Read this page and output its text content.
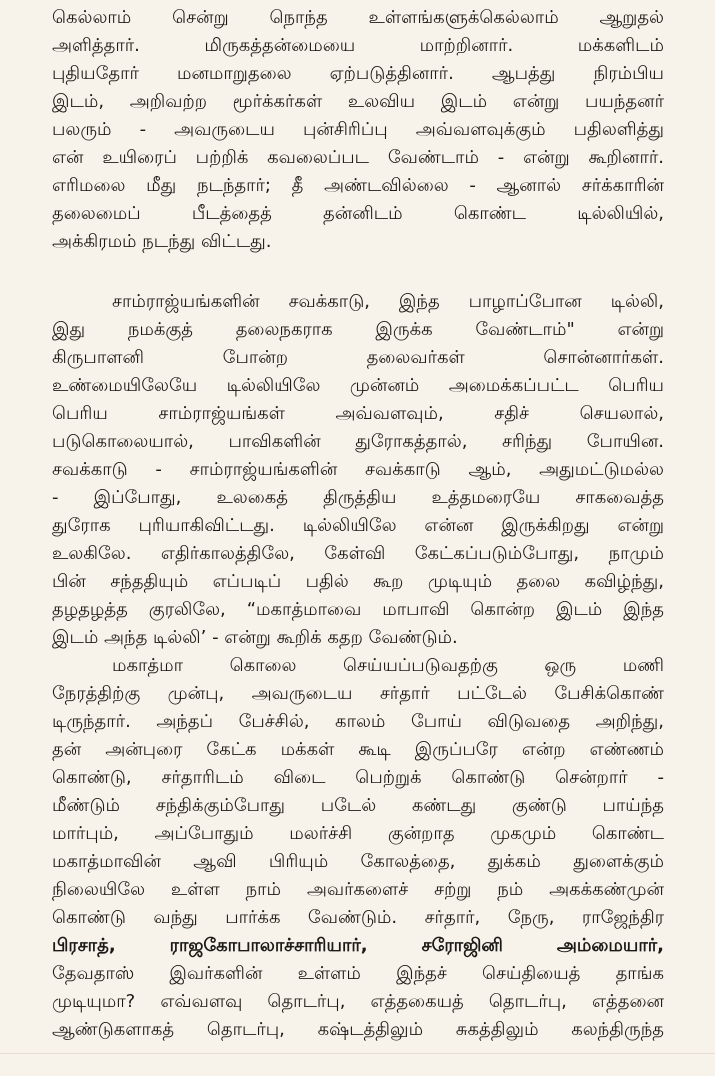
கெல்லாம் சென்று நொந்த உள்ளங்களுக்கெல்லாம் ஆறுதல்
அளித்தார். மிருகத்தன்மையை மாற்றினார். மக்களிடம்
புதியதோர் மனமாறுதலை ஏற்படுத்தினார். ஆபத்து நிரம்பிய
இடம், அறிவற்ற மூர்க்கர்கள் உலவிய இடம் என்று பயந்தனர்
பலரும் - அவருடைய புன்சிரிப்பு அவ்வளவுக்கும் பதிலளித்து
என் உயிரைப் பற்றிக் கவலைப்பட வேண்டாம் - என்று கூறினார்.
எரிமலை மீது நடந்தார்; தீ அண்டவில்லை - ஆனால் சர்க்காரின்
தலைமைப் பீடத்தைத் தன்னிடம் கொண்ட டில்லியில்,
அக்கிரமம் நடந்து விட்டது.
சாம்ராஜ்யங்களின் சவக்காடு, இந்த பாழாப்போன டில்லி,
இது நமக்குத் தலைநகராக இருக்க வேண்டாம்" என்று
கிருபாளனி போன்ற தலைவர்கள் சொன்னார்கள்.
உண்மையிலேயே டில்லியிலே முன்னம் அமைக்கப்பட்ட பெரிய
பெரிய சாம்ராஜ்யங்கள் அவ்வளவும், சதிச் செயலால்,
படுகொலையால், பாவிகளின் துரோகத்தால், சரிந்து போயின.
சவக்காடு - சாம்ராஜ்யங்களின் சவக்காடு ஆம், அதுமட்டுமல்ல
- இப்போது, உலகைத் திருத்திய உத்தமரையே சாகவைத்த
துரோக புரியாகிவிட்டது. டில்லியிலே என்ன இருக்கிறது என்று
உலகிலே. எதிர்காலத்திலே, கேள்வி கேட்கப்படும்போது, நாமும்
பின் சந்ததியும் எப்படிப் பதில் கூற முடியும் தலை கவிழ்ந்து,
தழதழத்த குரலிலே, “மகாத்மாவை மாபாவி கொன்ற இடம் இந்த
இடம் அந்த டில்லி’ - என்று கூறிக் கதற வேண்டும்.
மகாத்மா கொலை செய்யப்படுவதற்கு ஒரு மணி
நேரத்திற்கு முன்பு, அவருடைய சர்தார் பட்டேல் பேசிக்கொண்
டிருந்தார். அந்தப் பேச்சில், காலம் போய் விடுவதை அறிந்து,
தன் அன்புரை கேட்க மக்கள் கூடி இருப்பரே என்ற எண்ணம்
கொண்டு, சர்தாரிடம் விடை பெற்றுக் கொண்டு சென்றார் -
மீண்டும் சந்திக்கும்போது படேல் கண்டது குண்டு பாய்ந்த
மார்பும், அப்போதும் மலர்ச்சி குன்றாத முகமும் கொண்ட
மகாத்மாவின் ஆவி பிரியும் கோலத்தை, துக்கம் துளைக்கும்
நிலையிலே உள்ள நாம் அவர்களைச் சற்று நம் அகக்கண்முன்
கொண்டு வந்து பார்க்க வேண்டும். சர்தார், நேரு, ராஜேந்திர
பிரசாத், ராஜகோபாலாச்சாரியார், சரோஜினி அம்மையார்,
தேவதாஸ் இவர்களின் உள்ளம் இந்தச் செய்தியைத் தாங்க
முடியுமா? எவ்வளவு தொடர்பு, எத்தகையத் தொடர்பு, எத்தனை
ஆண்டுகளாகத் தொடர்பு, கஷ்டத்திலும் சுகத்திலும் கலந்திருந்த
